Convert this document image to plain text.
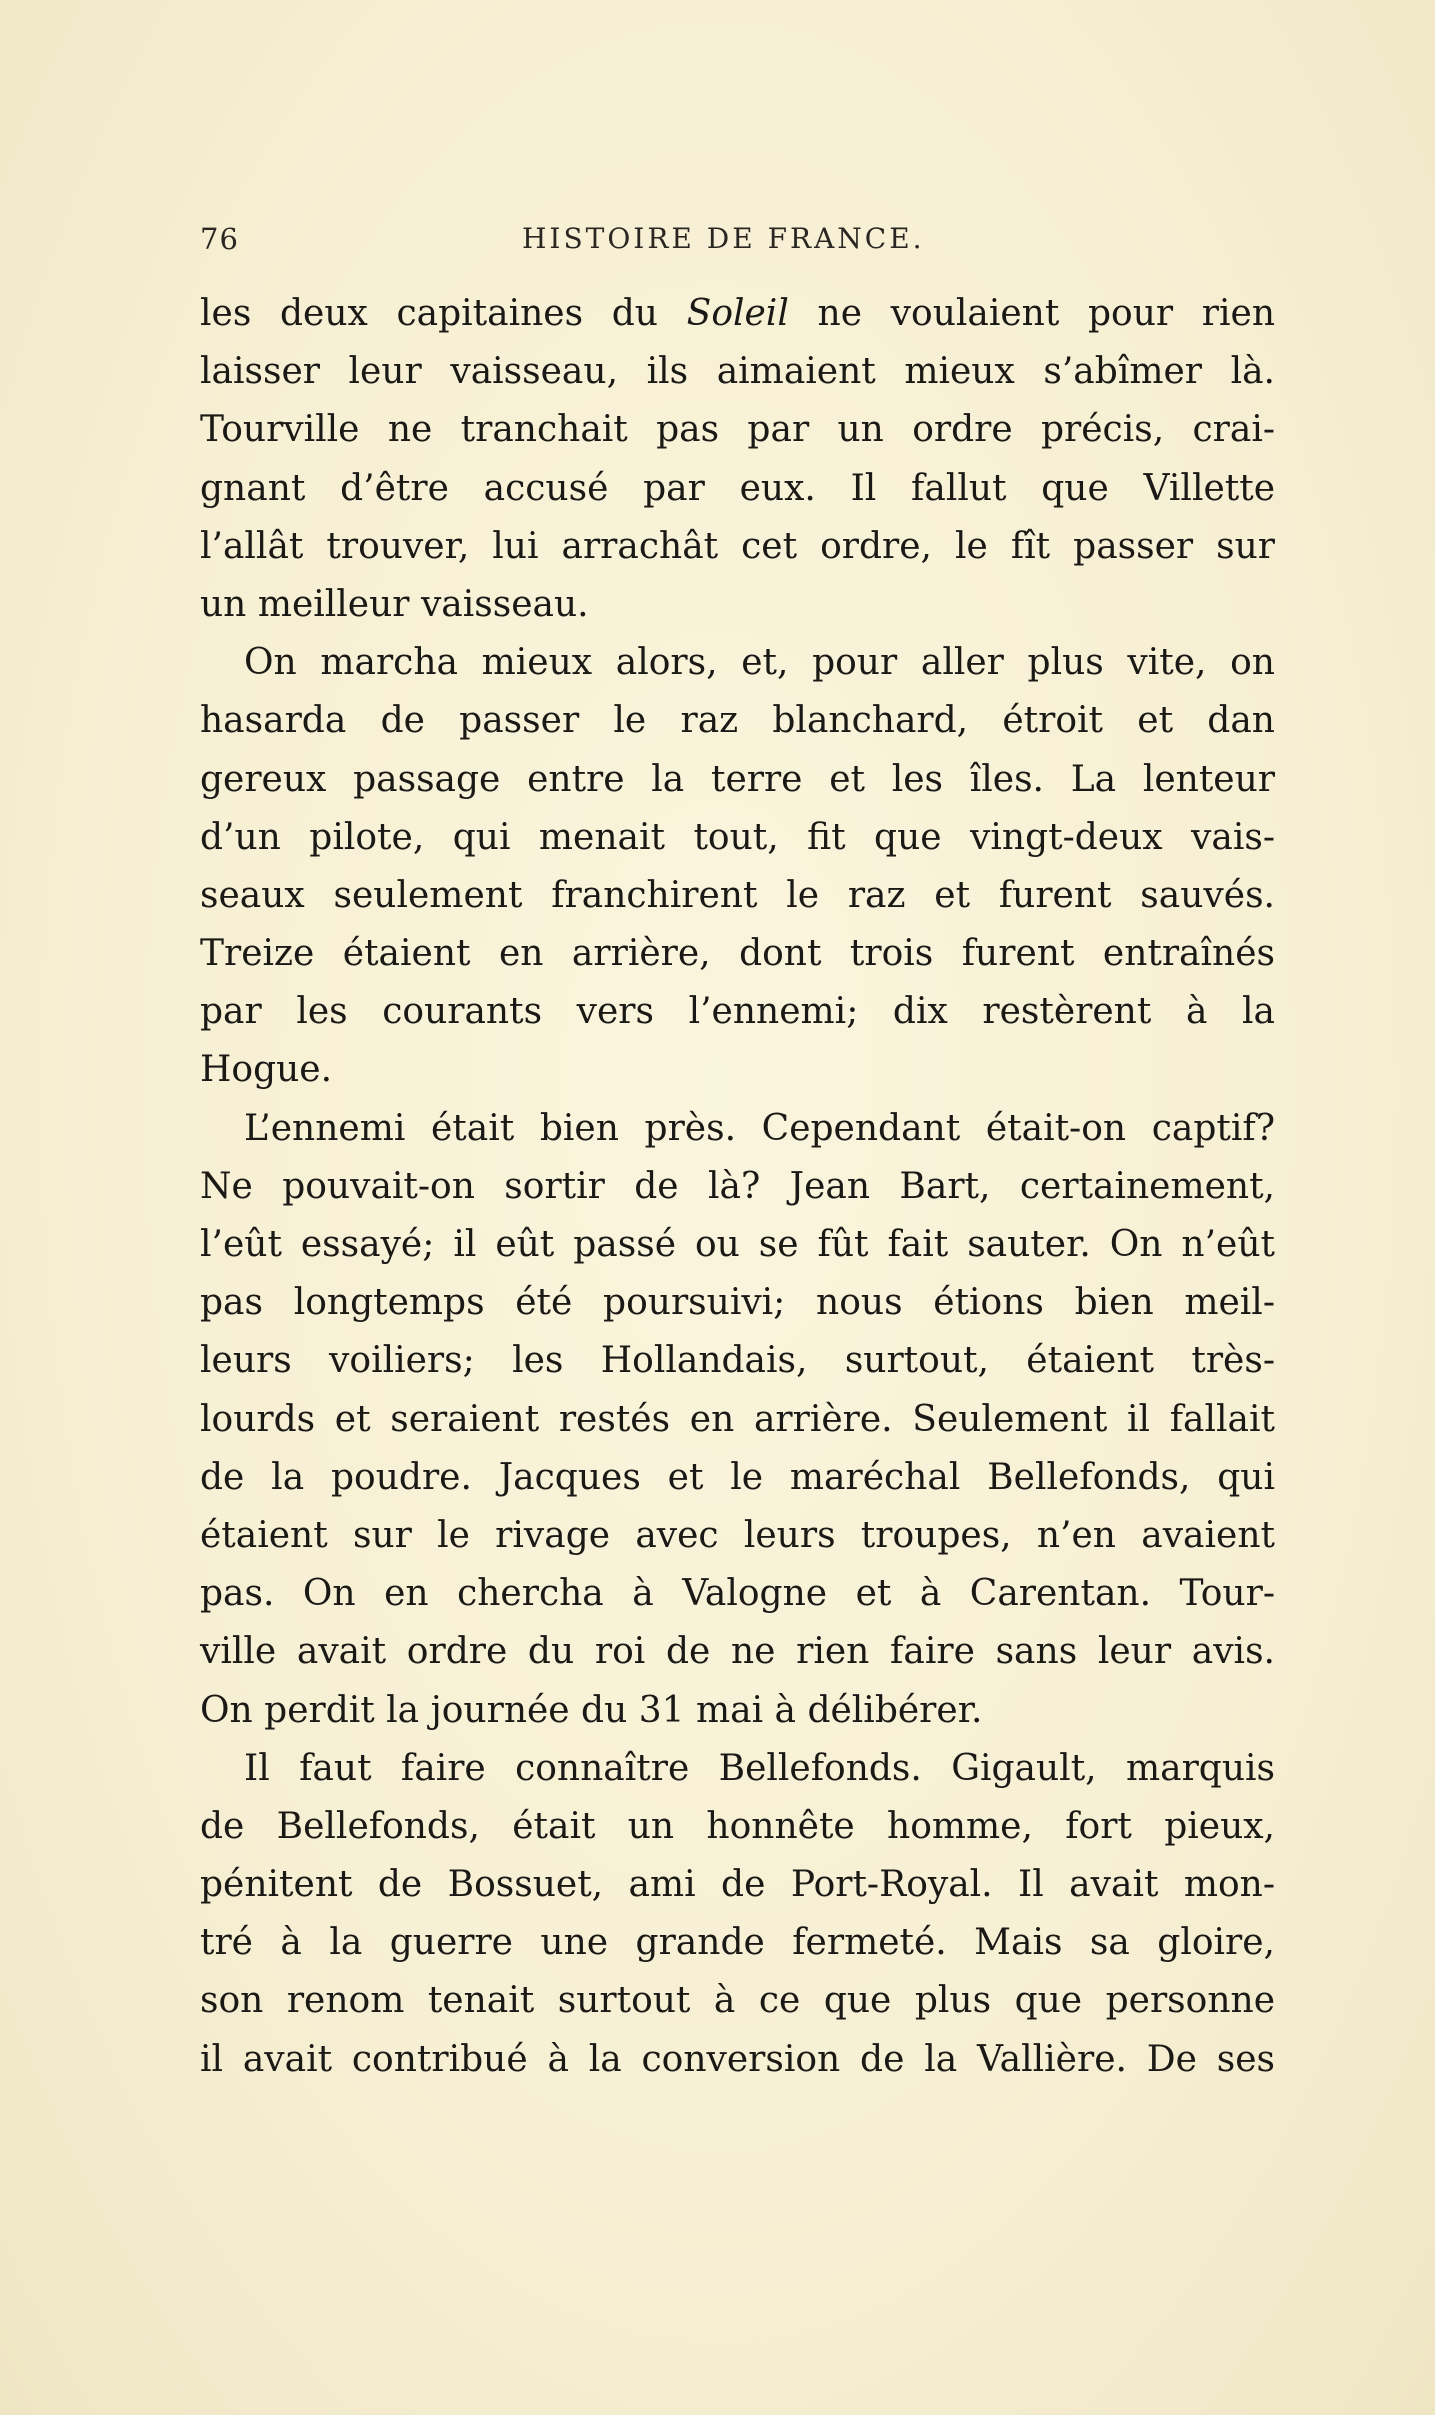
76	HISTOIRE DE FRANCE.
les deux capitaines du Soleil ne voulaient pour rien
laisser leur vaisseau, ils aimaient mieux s’abîmer là.
Tourville ne tranchait pas par un ordre précis, crai-
gnant d’être accusé par eux. Il fallut que Villette
l’allât trouver, lui arrachât cet ordre, le fît passer sur
un meilleur vaisseau.
On marcha mieux alors, et, pour aller plus vite, on
hasarda de passer le raz blanchard, étroit et dan
gereux passage entre la terre et les îles. La lenteur
d’un pilote, qui menait tout, fit que vingt-deux vais-
seaux seulement franchirent le raz et furent sauvés.
Treize étaient en arrière, dont trois furent entraînés
par les courants vers l’ennemi; dix restèrent à la
Hogue.
L’ennemi était bien près. Cependant était-on captif?
Ne pouvait-on sortir de là? Jean Bart, certainement,
l’eût essayé; il eût passé ou se fût fait sauter. On n’eût
pas longtemps été poursuivi; nous étions bien meil-
leurs voiliers; les Hollandais, surtout, étaient très-
lourds et seraient restés en arrière. Seulement il fallait
de la poudre. Jacques et le maréchal Bellefonds, qui
étaient sur le rivage avec leurs troupes, n’en avaient
pas. On en chercha à Valogne et à Carentan. Tour-
ville avait ordre du roi de ne rien faire sans leur avis.
On perdit la journée du 31 mai à délibérer.
Il faut faire connaître Bellefonds. Gigault, marquis
de Bellefonds, était un honnête homme, fort pieux,
pénitent de Bossuet, ami de Port-Royal. Il avait mon-
tré à la guerre une grande fermeté. Mais sa gloire,
son renom tenait surtout à ce que plus que personne
il avait contribué à la conversion de la Vallière. De ses
